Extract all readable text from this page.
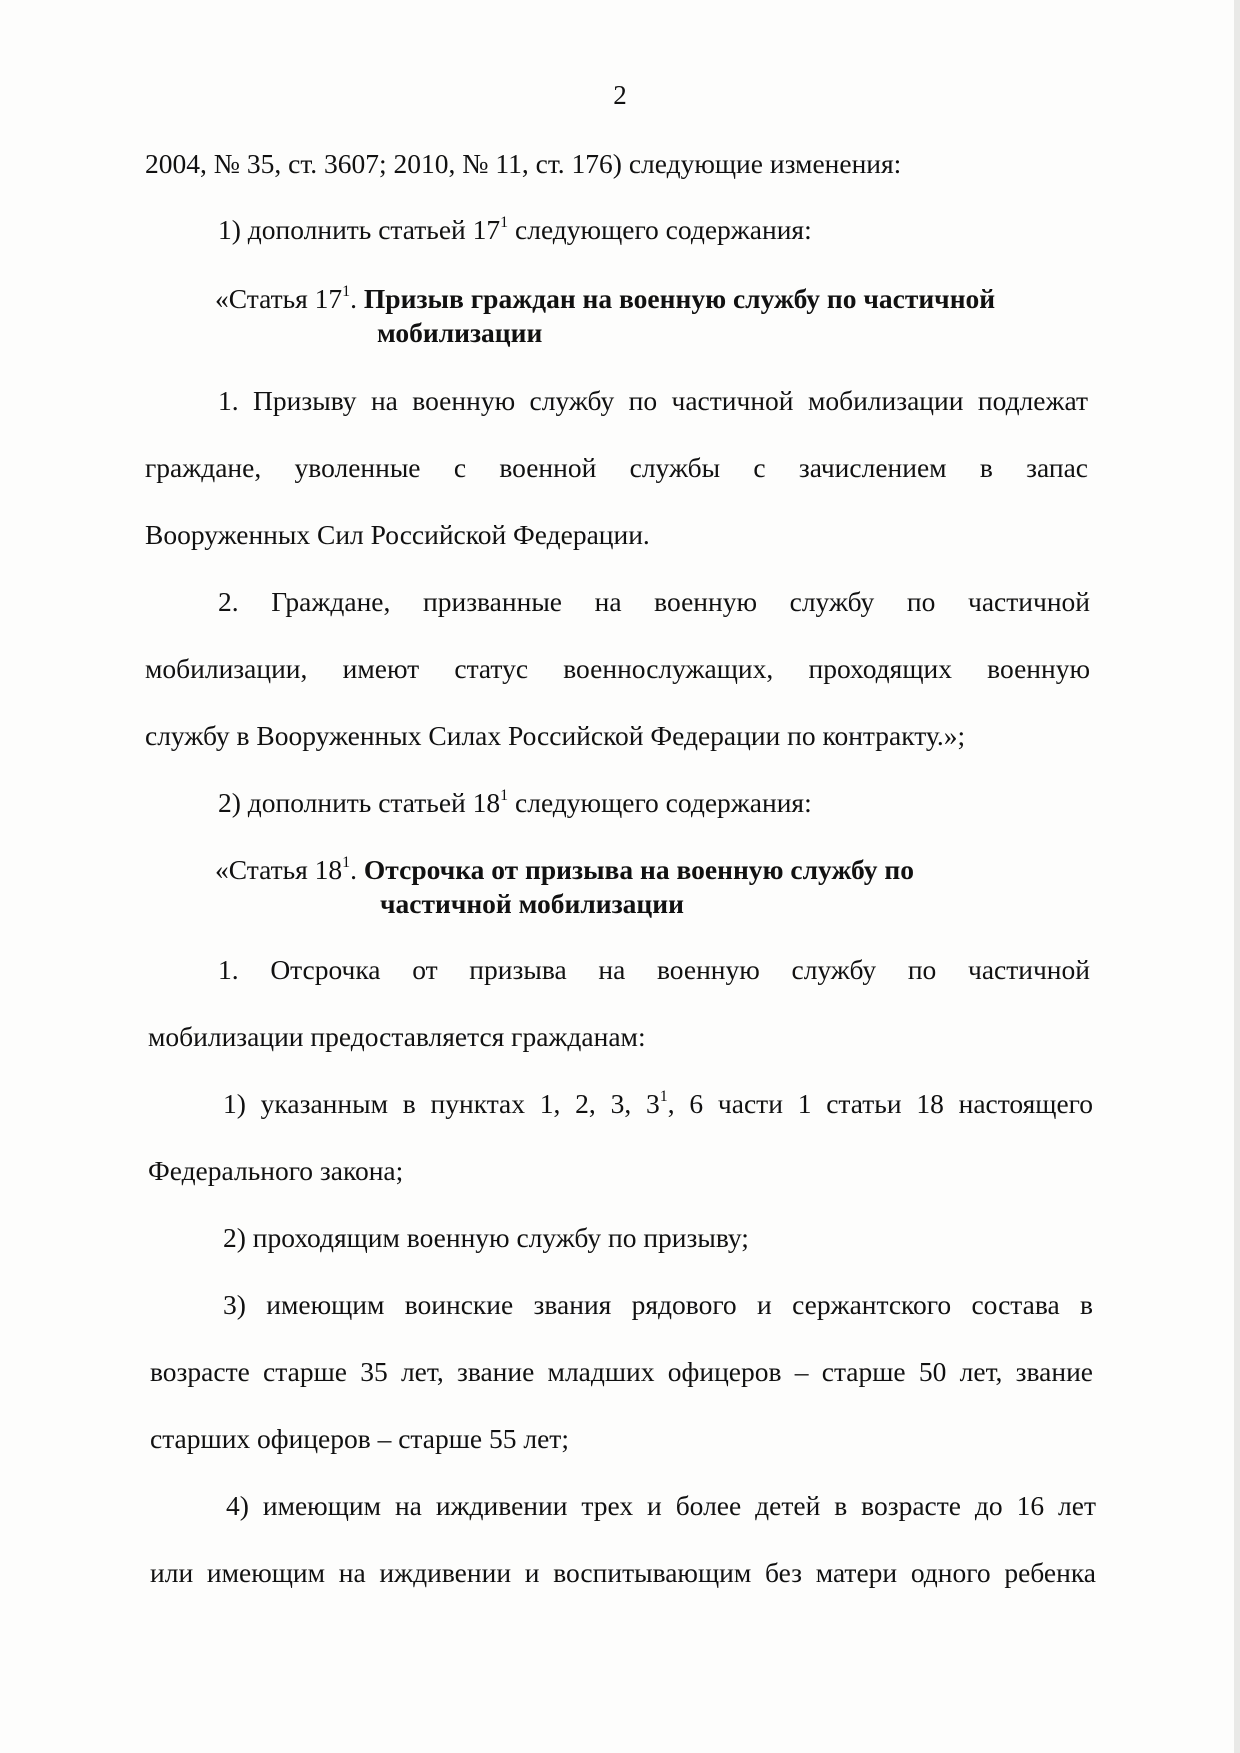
2
2004, № 35, ст. 3607; 2010, № 11, ст. 176) следующие изменения:
1) дополнить статьей $17^1$ следующего содержания:
«Статья $17^1$. Призыв граждан на военную службу по частичной
мобилизации
1. Призыву на военную службу по частичной мобилизации подлежат
граждане, уволенные с военной службы с зачислением в запас
Вооруженных Сил Российской Федерации.
2. Граждане, призванные на военную службу по частичной
мобилизации, имеют статус военнослужащих, проходящих военную
службу в Вооруженных Силах Российской Федерации по контракту.»;
2) дополнить статьей $18^1$ следующего содержания:
«Статья $18^1$. Отсрочка от призыва на военную службу по
частичной мобилизации
1. Отсрочка от призыва на военную службу по частичной
мобилизации предоставляется гражданам:
1) указанным в пунктах 1, 2, 3, $3^1$, 6 части 1 статьи 18 настоящего
Федерального закона;
2) проходящим военную службу по призыву;
3) имеющим воинские звания рядового и сержантского состава в
возрасте старше 35 лет, звание младших офицеров – старше 50 лет, звание
старших офицеров – старше 55 лет;
4) имеющим на иждивении трех и более детей в возрасте до 16 лет
или имеющим на иждивении и воспитывающим без матери одного ребенка
